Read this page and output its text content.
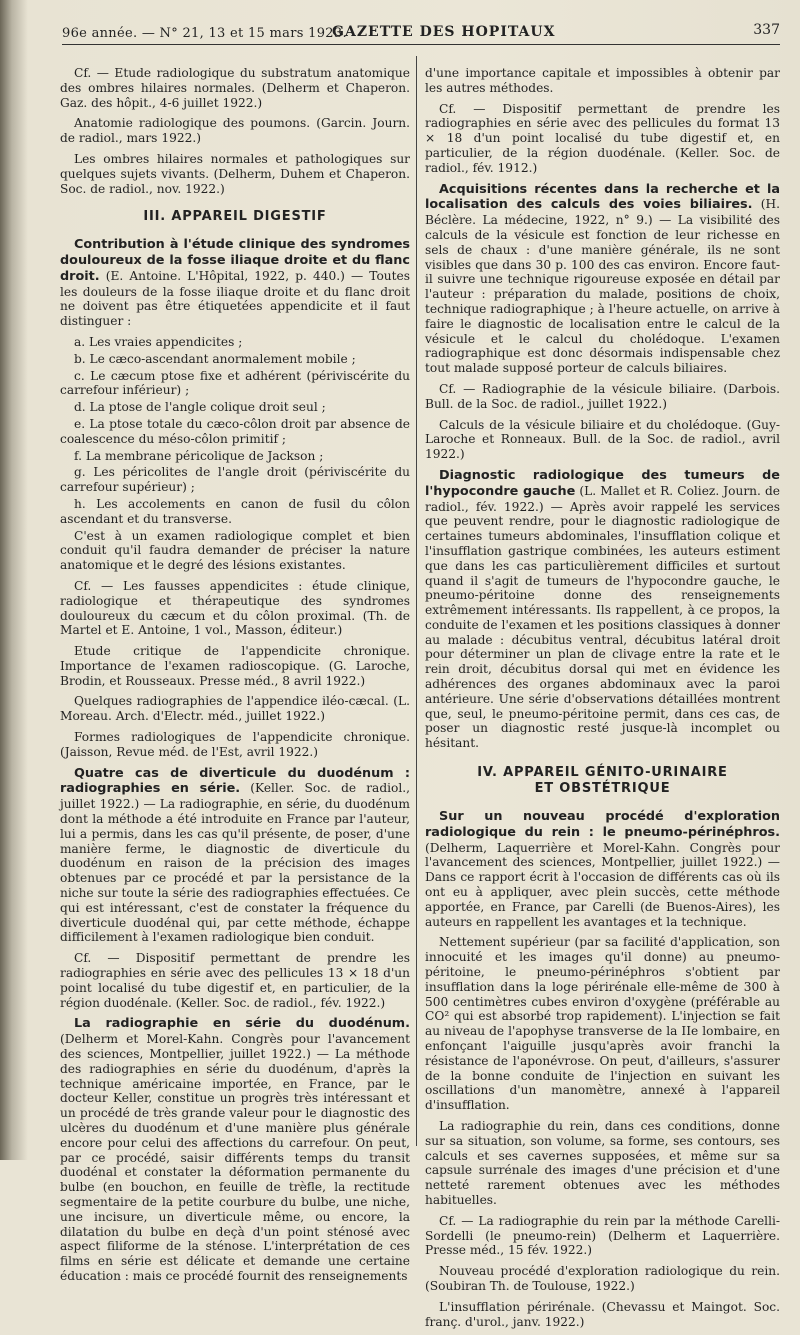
96e année. — N° 21, 13 et 15 mars 1923.
GAZETTE DES HOPITAUX	337

Cf. — Etude radiologique du substratum anatomique des ombres hilaires normales. (Delherm et Chaperon. Gaz. des hôpit., 4-6 juillet 1922.)

Anatomie radiologique des poumons. (Garcin. Journ. de radiol., mars 1922.)

Les ombres hilaires normales et pathologiques sur quelques sujets vivants. (Delherm, Duhem et Chaperon. Soc. de radiol., nov. 1922.)

III. APPAREIL DIGESTIF

Contribution à l'étude clinique des syndromes douloureux de la fosse iliaque droite et du flanc droit. (E. Antoine. L'Hôpital, 1922, p. 440.) — Toutes les douleurs de la fosse iliaque droite et du flanc droit ne doivent pas être étiquetées appendicite et il faut distinguer :

a. Les vraies appendicites ;

b. Le cæco-ascendant anormalement mobile ;

c. Le cæcum ptose fixe et adhérent (périviscérite du carrefour inférieur) ;

d. La ptose de l'angle colique droit seul ;

e. La ptose totale du cæco-côlon droit par absence de coalescence du méso-côlon primitif ;

f. La membrane péricolique de Jackson ;

g. Les péricolites de l'angle droit (périviscérite du carrefour supérieur) ;

h. Les accolements en canon de fusil du côlon ascendant et du transverse.

C'est à un examen radiologique complet et bien conduit qu'il faudra demander de préciser la nature anatomique et le degré des lésions existantes.

Cf. — Les fausses appendicites : étude clinique, radiologique et thérapeutique des syndromes douloureux du cæcum et du côlon proximal. (Th. de Martel et E. Antoine, 1 vol., Masson, éditeur.)

Etude critique de l'appendicite chronique. Importance de l'examen radioscopique. (G. Laroche, Brodin, et Rousseaux. Presse méd., 8 avril 1922.)

Quelques radiographies de l'appendice iléo-cæcal. (L. Moreau. Arch. d'Electr. méd., juillet 1922.)

Formes radiologiques de l'appendicite chronique. (Jaisson, Revue méd. de l'Est, avril 1922.)

Quatre cas de diverticule du duodénum : radiographies en série. (Keller. Soc. de radiol., juillet 1922.) — La radiographie, en série, du duodénum dont la méthode a été introduite en France par l'auteur, lui a permis, dans les cas qu'il présente, de poser, d'une manière ferme, le diagnostic de diverticule du duodénum en raison de la précision des images obtenues par ce procédé et par la persistance de la niche sur toute la série des radiographies effectuées. Ce qui est intéressant, c'est de constater la fréquence du diverticule duodénal qui, par cette méthode, échappe difficilement à l'examen radiologique bien conduit.

Cf. — Dispositif permettant de prendre les radiographies en série avec des pellicules 13 × 18 d'un point localisé du tube digestif et, en particulier, de la région duodénale. (Keller. Soc. de radiol., fév. 1922.)

La radiographie en série du duodénum. (Delherm et Morel-Kahn. Congrès pour l'avancement des sciences, Montpellier, juillet 1922.) — La méthode des radiographies en série du duodénum, d'après la technique américaine importée, en France, par le docteur Keller, constitue un progrès très intéressant et un procédé de très grande valeur pour le diagnostic des ulcères du duodénum et d'une manière plus générale encore pour celui des affections du carrefour. On peut, par ce procédé, saisir différents temps du transit duodénal et constater la déformation permanente du bulbe (en bouchon, en feuille de trèfle, la rectitude segmentaire de la petite courbure du bulbe, une niche, une incisure, un diverticule même, ou encore, la dilatation du bulbe en deçà d'un point sténosé avec aspect filiforme de la sténose. L'interprétation de ces films en série est délicate et demande une certaine éducation : mais ce procédé fournit des renseignements

d'une importance capitale et impossibles à obtenir par les autres méthodes.

Cf. — Dispositif permettant de prendre les radiographies en série avec des pellicules du format 13 × 18 d'un point localisé du tube digestif et, en particulier, de la région duodénale. (Keller. Soc. de radiol., fév. 1912.)

Acquisitions récentes dans la recherche et la localisation des calculs des voies biliaires. (H. Béclère. La médecine, 1922, n° 9.) — La visibilité des calculs de la vésicule est fonction de leur richesse en sels de chaux : d'une manière générale, ils ne sont visibles que dans 30 p. 100 des cas environ. Encore faut-il suivre une technique rigoureuse exposée en détail par l'auteur : préparation du malade, positions de choix, technique radiographique ; à l'heure actuelle, on arrive à faire le diagnostic de localisation entre le calcul de la vésicule et le calcul du cholédoque. L'examen radiographique est donc désormais indispensable chez tout malade supposé porteur de calculs biliaires.

Cf. — Radiographie de la vésicule biliaire. (Darbois. Bull. de la Soc. de radiol., juillet 1922.)

Calculs de la vésicule biliaire et du cholédoque. (Guy-Laroche et Ronneaux. Bull. de la Soc. de radiol., avril 1922.)

Diagnostic radiologique des tumeurs de l'hypocondre gauche (L. Mallet et R. Coliez. Journ. de radiol., fév. 1922.) — Après avoir rappelé les services que peuvent rendre, pour le diagnostic radiologique de certaines tumeurs abdominales, l'insufflation colique et l'insufflation gastrique combinées, les auteurs estiment que dans les cas particulièrement difficiles et surtout quand il s'agit de tumeurs de l'hypocondre gauche, le pneumo-péritoine donne des renseignements extrêmement intéressants. Ils rappellent, à ce propos, la conduite de l'examen et les positions classiques à donner au malade : décubitus ventral, décubitus latéral droit pour déterminer un plan de clivage entre la rate et le rein droit, décubitus dorsal qui met en évidence les adhérences des organes abdominaux avec la paroi antérieure. Une série d'observations détaillées montrent que, seul, le pneumo-péritoine permit, dans ces cas, de poser un diagnostic resté jusque-là incomplet ou hésitant.

IV. APPAREIL GÉNITO-URINAIRE
ET OBSTÉTRIQUE

Sur un nouveau procédé d'exploration radiologique du rein : le pneumo-périnéphros. (Delherm, Laquerrière et Morel-Kahn. Congrès pour l'avancement des sciences, Montpellier, juillet 1922.) — Dans ce rapport écrit à l'occasion de différents cas où ils ont eu à appliquer, avec plein succès, cette méthode apportée, en France, par Carelli (de Buenos-Aires), les auteurs en rappellent les avantages et la technique.

Nettement supérieur (par sa facilité d'application, son innocuité et les images qu'il donne) au pneumo-péritoine, le pneumo-périnéphros s'obtient par insufflation dans la loge périrénale elle-même de 300 à 500 centimètres cubes environ d'oxygène (préférable au CO² qui est absorbé trop rapidement). L'injection se fait au niveau de l'apophyse transverse de la IIe lombaire, en enfonçant l'aiguille jusqu'après avoir franchi la résistance de l'aponévrose. On peut, d'ailleurs, s'assurer de la bonne conduite de l'injection en suivant les oscillations d'un manomètre, annexé à l'appareil d'insufflation.

La radiographie du rein, dans ces conditions, donne sur sa situation, son volume, sa forme, ses contours, ses calculs et ses cavernes supposées, et même sur sa capsule surrénale des images d'une précision et d'une netteté rarement obtenues avec les méthodes habituelles.

Cf. — La radiographie du rein par la méthode Carelli-Sordelli (le pneumo-rein) (Delherm et Laquerrière. Presse méd., 15 fév. 1922.)

Nouveau procédé d'exploration radiologique du rein. (Soubiran Th. de Toulouse, 1922.)

L'insufflation périrénale. (Chevassu et Maingot. Soc. franç. d'urol., janv. 1922.)
